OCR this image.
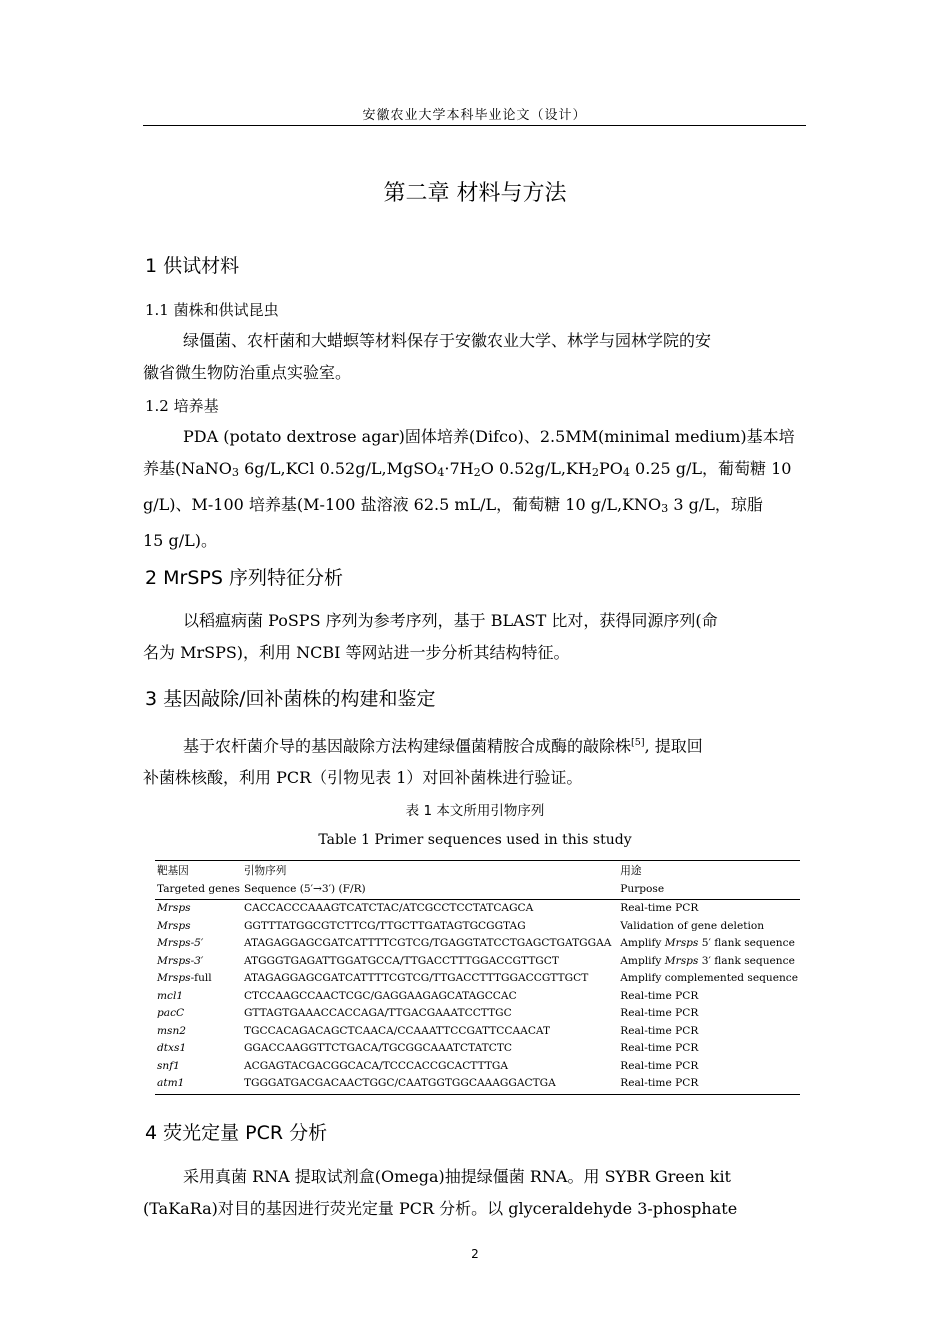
安徽农业大学本科毕业论文（设计）
第二章 材料与方法
1 供试材料
1.1 菌株和供试昆虫
绿僵菌、农杆菌和大蜡螟等材料保存于安徽农业大学、林学与园林学院的安
徽省微生物防治重点实验室。
1.2 培养基
PDA (potato dextrose agar)固体培养(Difco)、2.5MM(minimal medium)基本培
养基(NaNO$_3$ 6g/L,KCl $0.52g/L,MgSO_4\cdot 7H_2O$ $0.52g/L,KH_2PO_4$ 0.25 g/L，葡萄糖 10
g/L)、M-100 培养基(M-100 盐溶液 62.5 mL/L，葡萄糖 10 $g/L,KNO_3$ 3 g/L，琼脂
15 g/L)。
2 MrSPS 序列特征分析
以稻瘟病菌 PoSPS 序列为参考序列，基于 BLAST 比对，获得同源序列(命
名为 MrSPS)，利用 NCBI 等网站进一步分析其结构特征。
3 基因敲除/回补菌株的构建和鉴定
基于农杆菌介导的基因敲除方法构建绿僵菌精胺合成酶的敲除株[5], 提取回
补菌株核酸，利用 PCR（引物见表 1）对回补菌株进行验证。
表 1 本文所用引物序列
Table 1 Primer sequences used in this study
靶基因	引物序列	用途
Targeted genes	Sequence (5′→3′) (F/R)	Purpose
Mrsps	CACCACCCAAAGTCATCTAC/ATCGCCTCCTATCAGCA	Real-time PCR
Mrsps	GGTTTATGGCGTCTTCG/TTGCTTGATAGTGCGGTAG	Validation of gene deletion
Mrsps-5′	ATAGAGGAGCGATCATTTTCGTCG/TGAGGTATCCTGAGCTGATGGAA	Amplify Mrsps 5′ flank sequence
Mrsps-3′	ATGGGTGAGATTGGATGCCA/TTGACCTTTGGACCGTTGCT	Amplify Mrsps 3′ flank sequence
Mrsps-full	ATAGAGGAGCGATCATTTTCGTCG/TTGACCTTTGGACCGTTGCT	Amplify complemented sequence
mcl1	CTCCAAGCCAACTCGC/GAGGAAGAGCATAGCCAC	Real-time PCR
pacC	GTTAGTGAAACCACCAGA/TTGACGAAATCCTTGC	Real-time PCR
msn2	TGCCACAGACAGCTCAACA/CCAAATTCCGATTCCAACAT	Real-time PCR
dtxs1	GGACCAAGGTTCTGACA/TGCGGCAAATCTATCTC	Real-time PCR
snf1	ACGAGTACGACGGCACA/TCCCACCGCACTTTGA	Real-time PCR
atm1	TGGGATGACGACAACTGGC/CAATGGTGGCAAAGGACTGA	Real-time PCR
4 荧光定量 PCR 分析
采用真菌 RNA 提取试剂盒(Omega)抽提绿僵菌 RNA。用 SYBR Green kit
(TaKaRa)对目的基因进行荧光定量 PCR 分析。以 glyceraldehyde 3-phosphate
2
